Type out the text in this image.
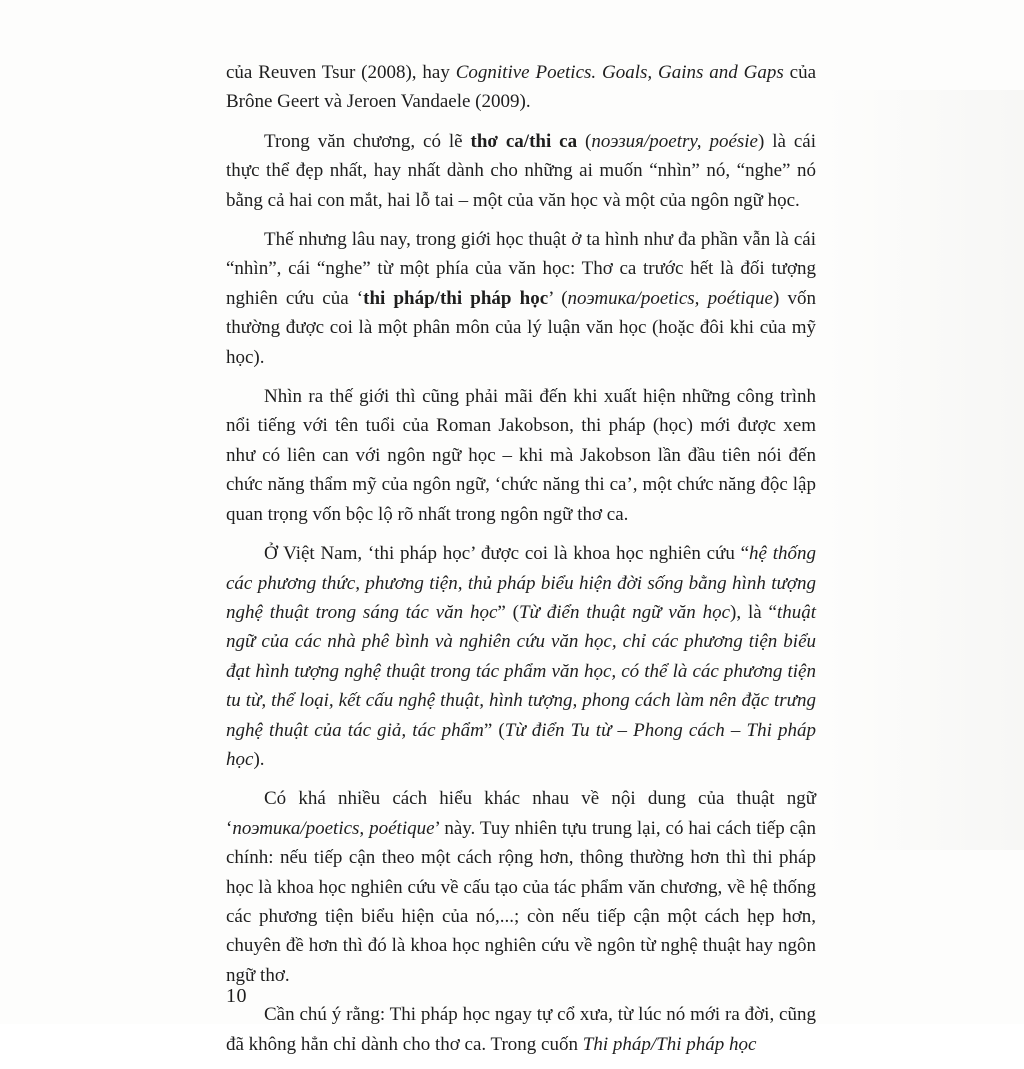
của Reuven Tsur (2008), hay Cognitive Poetics. Goals, Gains and Gaps của Brône Geert và Jeroen Vandaele (2009).

Trong văn chương, có lẽ thơ ca/thi ca (поэзия/poetry, poésie) là cái thực thể đẹp nhất, hay nhất dành cho những ai muốn “nhìn” nó, “nghe” nó bằng cả hai con mắt, hai lỗ tai – một của văn học và một của ngôn ngữ học.

Thế nhưng lâu nay, trong giới học thuật ở ta hình như đa phần vẫn là cái “nhìn”, cái “nghe” từ một phía của văn học: Thơ ca trước hết là đối tượng nghiên cứu của ‘thi pháp/thi pháp học’ (поэтика/poetics, poétique) vốn thường được coi là một phân môn của lý luận văn học (hoặc đôi khi của mỹ học).

Nhìn ra thế giới thì cũng phải mãi đến khi xuất hiện những công trình nổi tiếng với tên tuổi của Roman Jakobson, thi pháp (học) mới được xem như có liên can với ngôn ngữ học – khi mà Jakobson lần đầu tiên nói đến chức năng thẩm mỹ của ngôn ngữ, ‘chức năng thi ca’, một chức năng độc lập quan trọng vốn bộc lộ rõ nhất trong ngôn ngữ thơ ca.

Ở Việt Nam, ‘thi pháp học’ được coi là khoa học nghiên cứu “hệ thống các phương thức, phương tiện, thủ pháp biểu hiện đời sống bằng hình tượng nghệ thuật trong sáng tác văn học” (Từ điển thuật ngữ văn học), là “thuật ngữ của các nhà phê bình và nghiên cứu văn học, chỉ các phương tiện biểu đạt hình tượng nghệ thuật trong tác phẩm văn học, có thể là các phương tiện tu từ, thể loại, kết cấu nghệ thuật, hình tượng, phong cách làm nên đặc trưng nghệ thuật của tác giả, tác phẩm” (Từ điển Tu từ – Phong cách – Thi pháp học).

Có khá nhiều cách hiểu khác nhau về nội dung của thuật ngữ ‘поэтика/poetics, poétique’ này. Tuy nhiên tựu trung lại, có hai cách tiếp cận chính: nếu tiếp cận theo một cách rộng hơn, thông thường hơn thì thi pháp học là khoa học nghiên cứu về cấu tạo của tác phẩm văn chương, về hệ thống các phương tiện biểu hiện của nó,...; còn nếu tiếp cận một cách hẹp hơn, chuyên đề hơn thì đó là khoa học nghiên cứu về ngôn từ nghệ thuật hay ngôn ngữ thơ.

Cần chú ý rằng: Thi pháp học ngay tự cổ xưa, từ lúc nó mới ra đời, cũng đã không hẳn chỉ dành cho thơ ca. Trong cuốn Thi pháp/Thi pháp học

10
